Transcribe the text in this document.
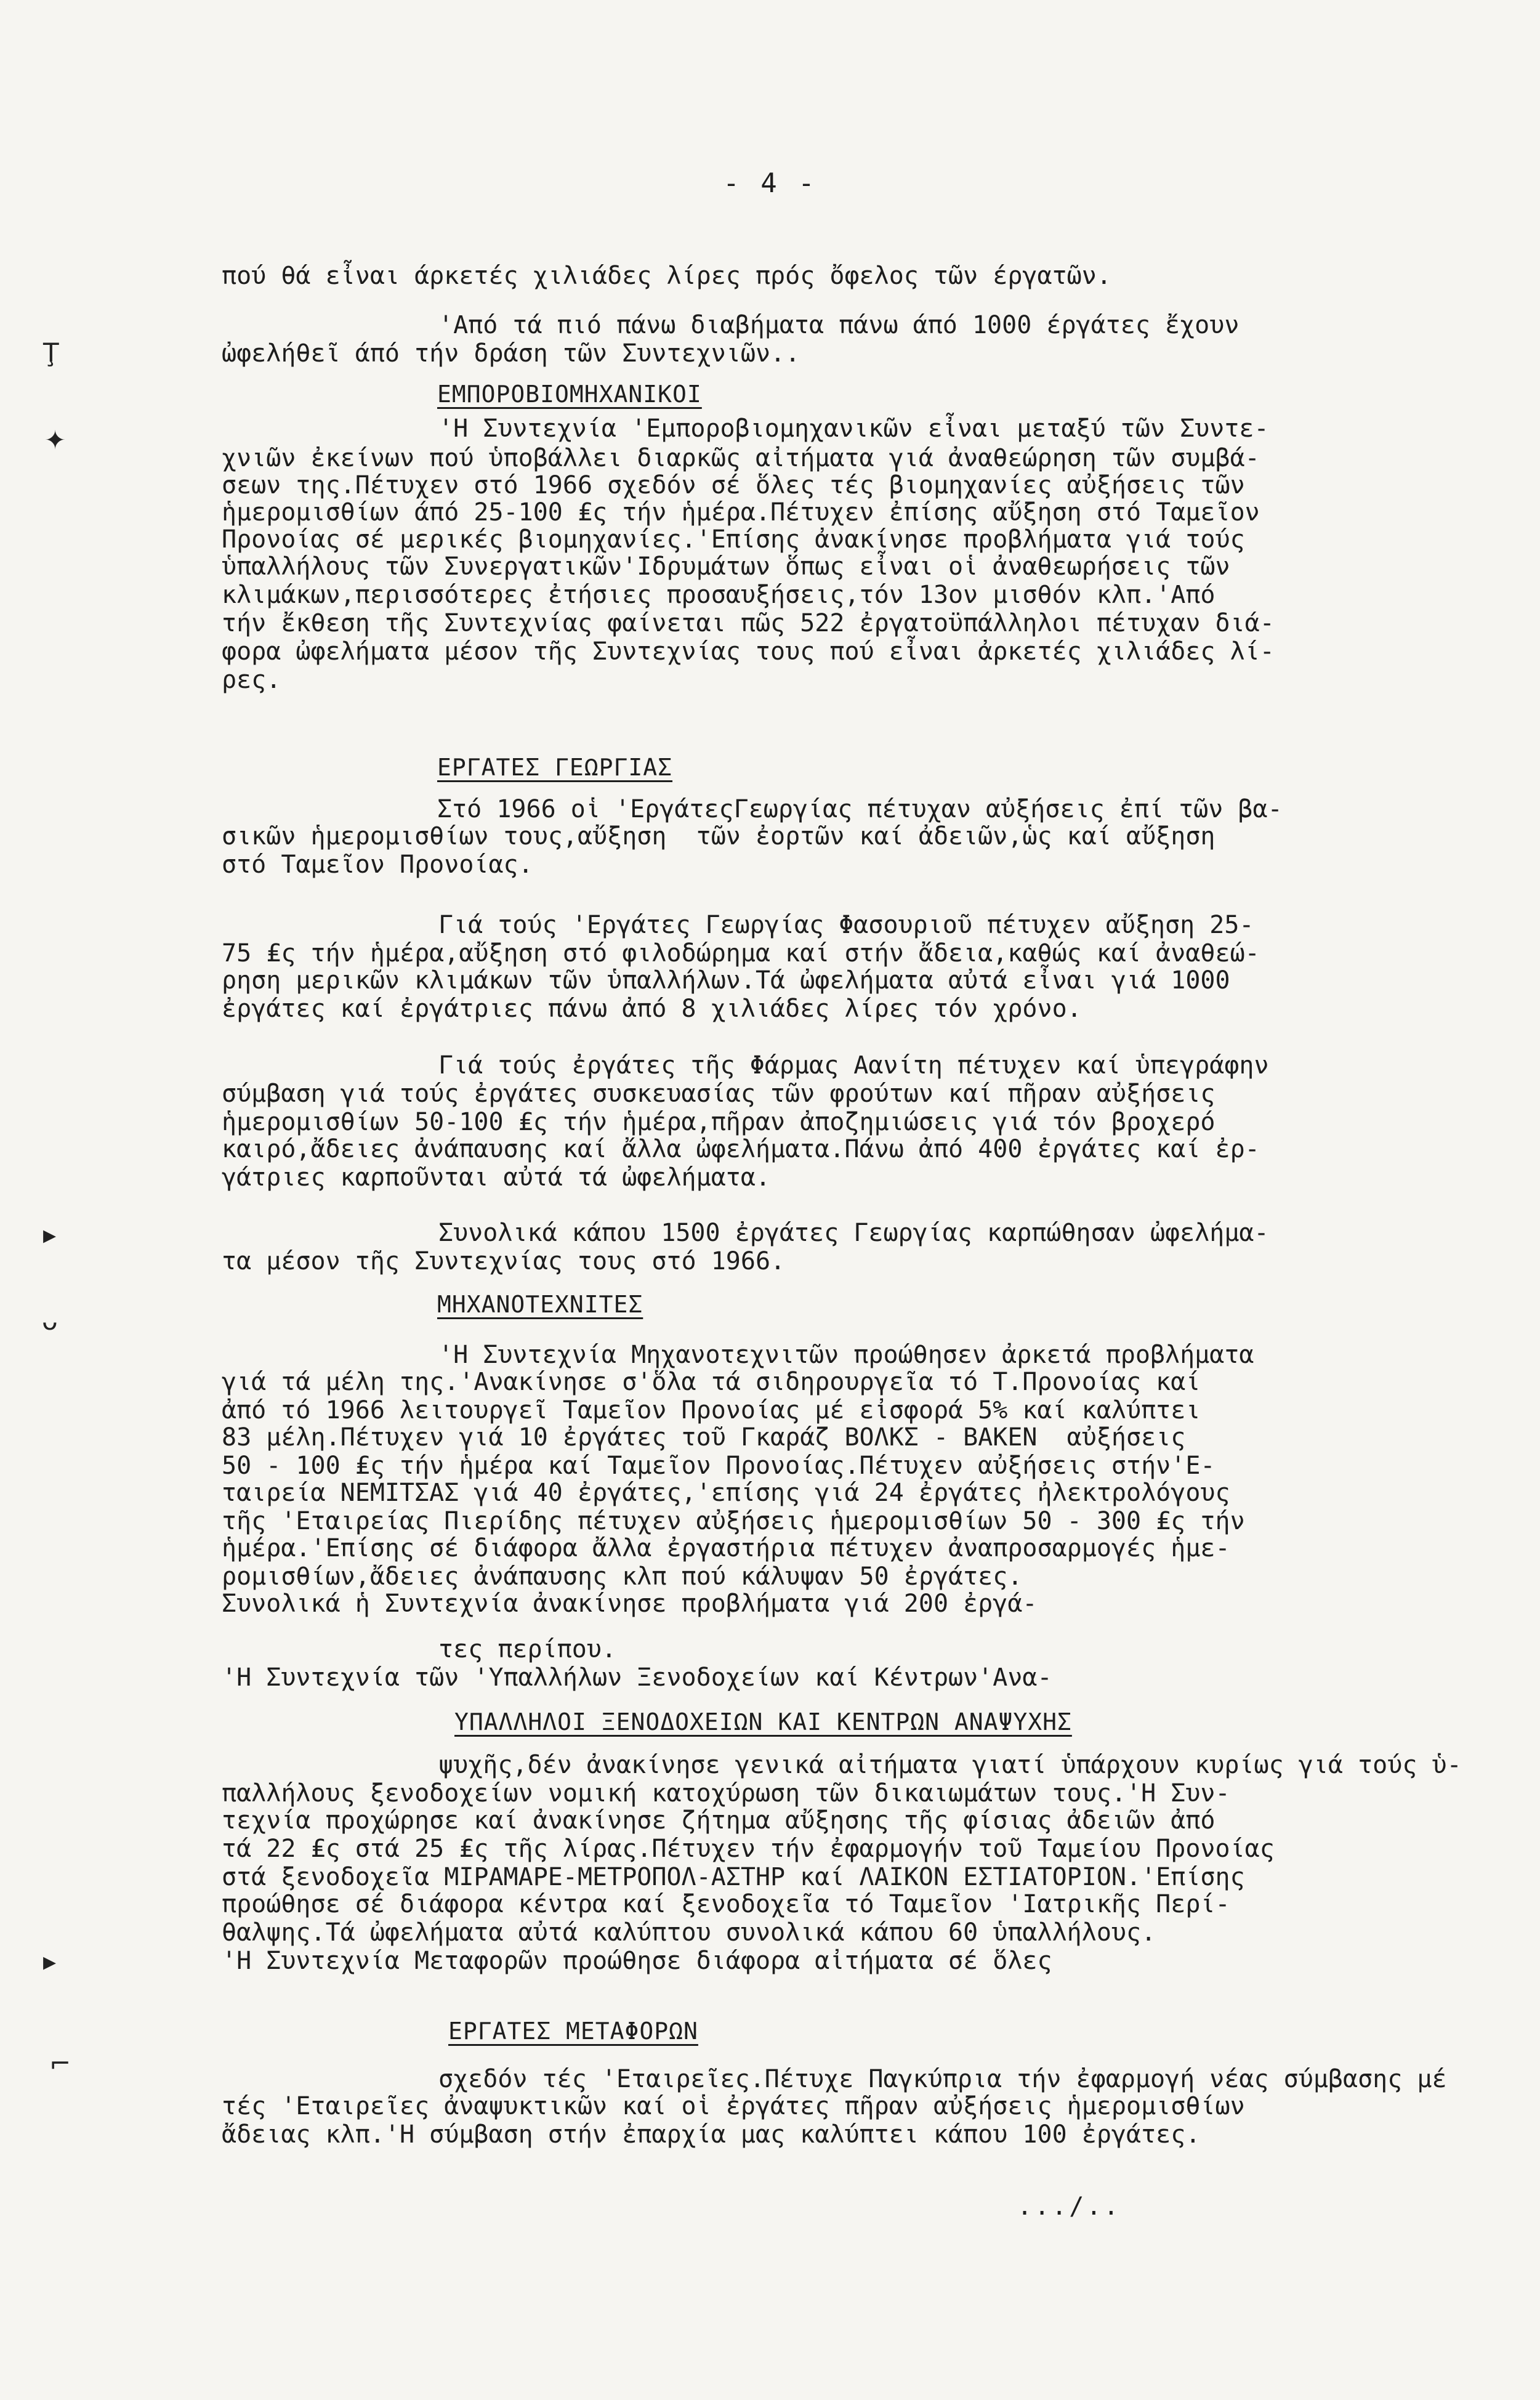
- 4 -
πού θά εἶναι άρκετές χιλιάδες λίρες πρός ὄφελος τῶν έργατῶν.
'Από τά πιό πάνω διαβήματα πάνω άπό 1000 έργάτες ἔχουν
ὠφελήθεῖ άπό τήν δράση τῶν Συντεχνιῶν..
ΕΜΠΟΡΟΒΙΟΜΗΧΑΝΙΚΟΙ
'Η Συντεχνία 'Εμποροβιομηχανικῶν εἶναι μεταξύ τῶν Συντε-
χνιῶν ἐκείνων πού ὑποβάλλει διαρκῶς αἰτήματα γιά ἀναθεώρηση τῶν συμβά-
σεων της.Πέτυχεν στό 1966 σχεδόν σέ ὅλες τές βιομηχανίες αὐξήσεις τῶν
ἡμερομισθίων άπό 25-100 ₤ς τήν ἡμέρα.Πέτυχεν ἐπίσης αὔξηση στό Ταμεῖον
Προνοίας σέ μερικές βιομηχανίες.'Επίσης ἀνακίνησε προβλήματα γιά τούς
ὑπαλλήλους τῶν Συνεργατικῶν'Ιδρυμάτων ὅπως εἶναι οἱ ἀναθεωρήσεις τῶν
κλιμάκων,περισσότερες ἐτήσιες προσαυξήσεις,τόν 13ον μισθόν κλπ.'Από
τήν ἔκθεση τῆς Συντεχνίας φαίνεται πῶς 522 ἐργατοϋπάλληλοι πέτυχαν διά-
φορα ὠφελήματα μέσον τῆς Συντεχνίας τους πού εἶναι ἀρκετές χιλιάδες λί-
ρες.
ΕΡΓΑΤΕΣ ΓΕΩΡΓΙΑΣ
Στό 1966 οἱ 'ΕργάτεςΓεωργίας πέτυχαν αὐξήσεις ἐπί τῶν βα-
σικῶν ἡμερομισθίων τους,αὔξηση  τῶν ἐορτῶν καί ἀδειῶν,ὡς καί αὔξηση
στό Ταμεῖον Προνοίας.
Γιά τούς 'Εργάτες Γεωργίας Φασουριοῦ πέτυχεν αὔξηση 25-
75 ₤ς τήν ἡμέρα,αὔξηση στό φιλοδώρημα καί στήν ἄδεια,καθώς καί ἀναθεώ-
ρηση μερικῶν κλιμάκων τῶν ὑπαλλήλων.Τά ὠφελήματα αὐτά εἶναι γιά 1000
ἐργάτες καί ἐργάτριες πάνω ἀπό 8 χιλιάδες λίρες τόν χρόνο.
Γιά τούς ἐργάτες τῆς Φάρμας Αανίτη πέτυχεν καί ὑπεγράφην
σύμβαση γιά τούς ἐργάτες συσκευασίας τῶν φρούτων καί πῆραν αὐξήσεις
ἡμερομισθίων 50-100 ₤ς τήν ἡμέρα,πῆραν ἀποζημιώσεις γιά τόν βροχερό
καιρό,ἄδειες ἀνάπαυσης καί ἄλλα ὠφελήματα.Πάνω ἀπό 400 ἐργάτες καί ἐρ-
γάτριες καρποῦνται αὐτά τά ὠφελήματα.
Συνολικά κάπου 1500 ἐργάτες Γεωργίας καρπώθησαν ὠφελήμα-
τα μέσον τῆς Συντεχνίας τους στό 1966.
ΜΗΧΑΝΟΤΕΧΝΙΤΕΣ
'Η Συντεχνία Μηχανοτεχνιτῶν προώθησεν ἀρκετά προβλήματα
γιά τά μέλη της.'Ανακίνησε σ'ὅλα τά σιδηρουργεῖα τό Τ.Προνοίας καί
ἀπό τό 1966 λειτουργεῖ Ταμεῖον Προνοίας μέ εἰσφορά 5% καί καλύπτει
83 μέλη.Πέτυχεν γιά 10 ἐργάτες τοῦ Γκαράζ ΒΟΛΚΣ - ΒΑΚΕΝ  αὐξήσεις
50 - 100 ₤ς τήν ἡμέρα καί Ταμεῖον Προνοίας.Πέτυχεν αὐξήσεις στήν'Ε-
ταιρεία ΝΕΜΙΤΣΑΣ γιά 40 ἐργάτες,'επίσης γιά 24 ἐργάτες ἠλεκτρολόγους
τῆς 'Εταιρείας Πιερίδης πέτυχεν αὐξήσεις ἡμερομισθίων 50 - 300 ₤ς τήν
ἡμέρα.'Επίσης σέ διάφορα ἄλλα ἐργαστήρια πέτυχεν ἀναπροσαρμογές ἡμε-
ρομισθίων,ἄδειες ἀνάπαυσης κλπ πού κάλυψαν 50 ἐργάτες.
Συνολικά ἡ Συντεχνία ἀνακίνησε προβλήματα γιά 200 ἐργά-
τες περίπου.
'Η Συντεχνία τῶν 'Υπαλλήλων Ξενοδοχείων καί Κέντρων'Ανα-
ΥΠΑΛΛΗΛΟΙ ΞΕΝΟΔΟΧΕΙΩΝ ΚΑΙ ΚΕΝΤΡΩΝ ΑΝΑΨΥΧΗΣ
ψυχῆς,δέν ἀνακίνησε γενικά αἰτήματα γιατί ὑπάρχουν κυρίως γιά τούς ὑ-
παλλήλους ξενοδοχείων νομική κατοχύρωση τῶν δικαιωμάτων τους.'Η Συν-
τεχνία προχώρησε καί ἀνακίνησε ζήτημα αὔξησης τῆς φίσιας ἀδειῶν ἀπό
τά 22 ₤ς στά 25 ₤ς τῆς λίρας.Πέτυχεν τήν ἐφαρμογήν τοῦ Ταμείου Προνοίας
στά ξενοδοχεῖα ΜΙΡΑΜΑΡΕ-ΜΕΤΡΟΠΟΛ-ΑΣΤΗΡ καί ΛΑΙΚΟΝ ΕΣΤΙΑΤΟΡΙΟΝ.'Επίσης
προώθησε σέ διάφορα κέντρα καί ξενοδοχεῖα τό Ταμεῖον 'Ιατρικῆς Περί-
θαλψης.Τά ὠφελήματα αὐτά καλύπτου συνολικά κάπου 60 ὑπαλλήλους.
'Η Συντεχνία Μεταφορῶν προώθησε διάφορα αἰτήματα σέ ὅλες
ΕΡΓΑΤΕΣ ΜΕΤΑΦΟΡΩΝ
σχεδόν τές 'Εταιρεῖες.Πέτυχε Παγκύπρια τήν ἐφαρμογή νέας σύμβασης μέ
τές 'Εταιρεῖες ἀναψυκτικῶν καί οἱ ἐργάτες πῆραν αὐξήσεις ἡμερομισθίων
ἄδειας κλπ.'Η σύμβαση στήν ἐπαρχία μας καλύπτει κάπου 100 ἐργάτες.
.../..
Ţ
✦
▸
ᴗ
▸
⌐
